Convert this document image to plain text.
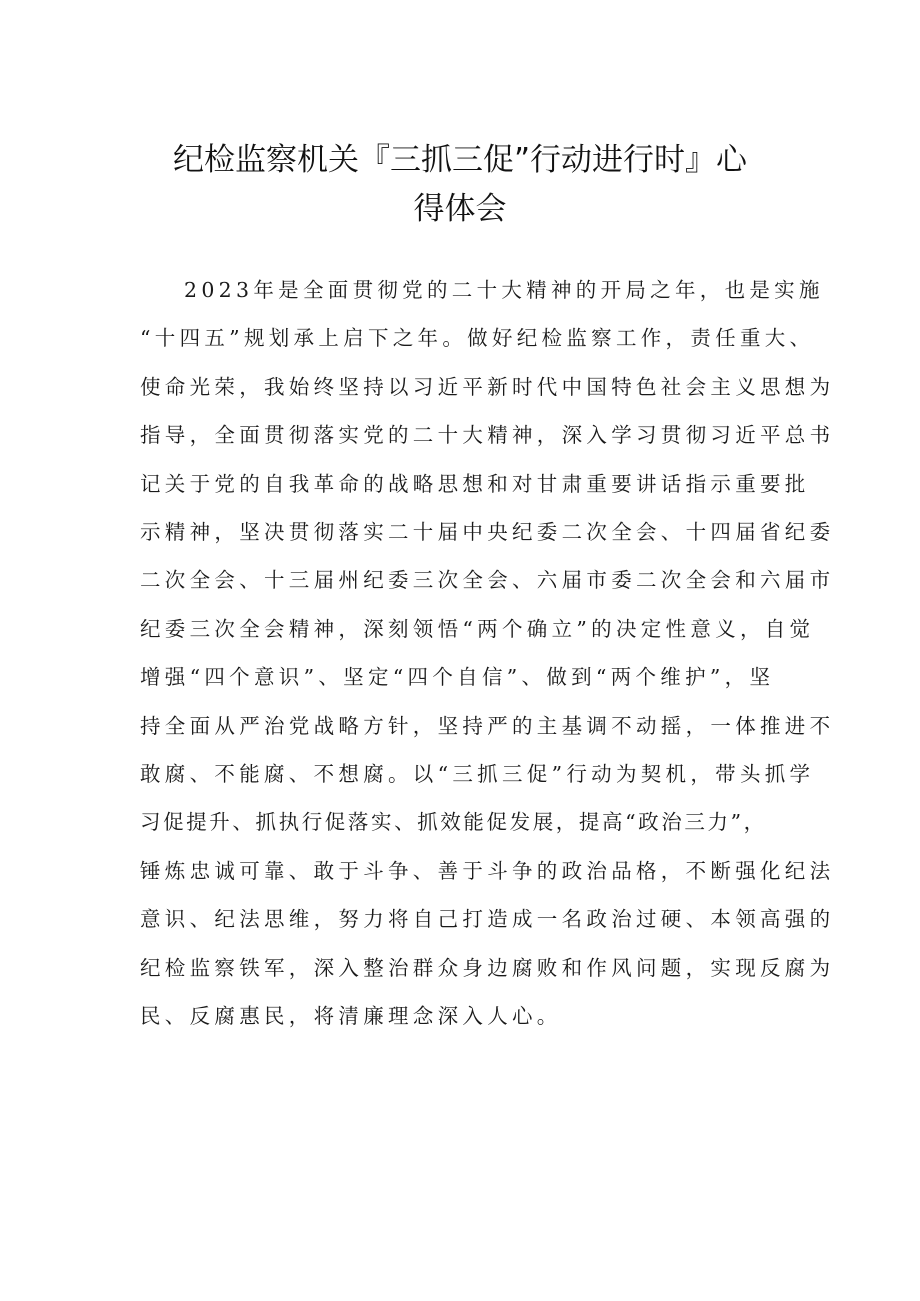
纪检监察机关『三抓三促”行动进行时』心
得体会
2023年是全面贯彻党的二十大精神的开局之年，也是实施
“十四五”规划承上启下之年。做好纪检监察工作，责任重大、
使命光荣，我始终坚持以习近平新时代中国特色社会主义思想为
指导，全面贯彻落实党的二十大精神，深入学习贯彻习近平总书
记关于党的自我革命的战略思想和对甘肃重要讲话指示重要批
示精神，坚决贯彻落实二十届中央纪委二次全会、十四届省纪委
二次全会、十三届州纪委三次全会、六届市委二次全会和六届市
纪委三次全会精神，深刻领悟“两个确立”的决定性意义，自觉
增强“四个意识”、坚定“四个自信”、做到“两个维护”，坚
持全面从严治党战略方针，坚持严的主基调不动摇，一体推进不
敢腐、不能腐、不想腐。以“三抓三促”行动为契机，带头抓学
习促提升、抓执行促落实、抓效能促发展，提高“政治三力”，
锤炼忠诚可靠、敢于斗争、善于斗争的政治品格，不断强化纪法
意识、纪法思维，努力将自己打造成一名政治过硬、本领高强的
纪检监察铁军，深入整治群众身边腐败和作风问题，实现反腐为
民、反腐惠民，将清廉理念深入人心。
